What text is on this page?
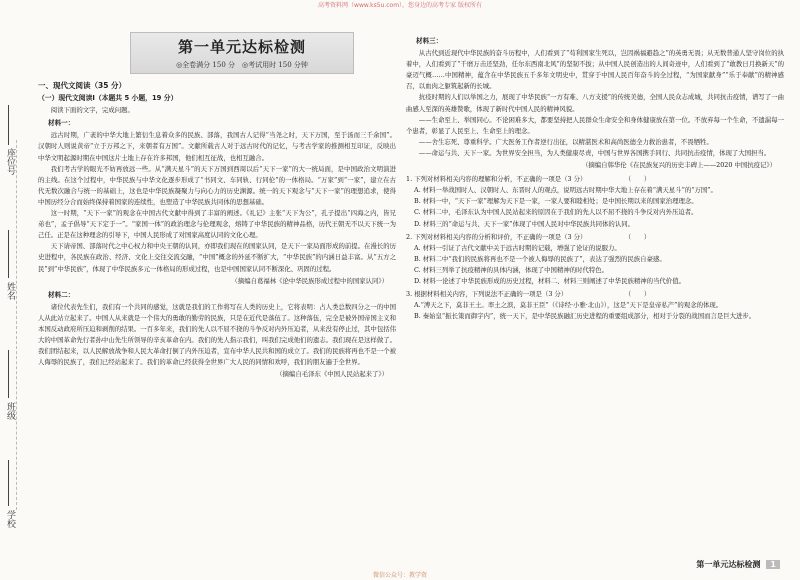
高考资料网（www.ks5u.com），您身边的高考专家 版权所有
座位号
姓名
班级
学校
第一单元达标检测
◎全卷满分 150 分　◎考试用时 150 分钟
一、现代文阅读（35 分）
（一）现代文阅读Ⅰ（本题共 5 小题，19 分）

阅读下面的文字，完成问题。

材料一：

远古时期，广袤的中华大地上繁衍生息着众多的民族、部落，我国古人记得“当尧之时，天下万国，至于汤而三千余国”。汉朝时人则说黄帝“立于万邦之下，来朝者有万国”。文献所载古人对于远古时代的记忆，与考古学家的推测相互印证，反映出中华文明起源时期在中国这片土地上存在许多邦国，他们相互征战，也相互融合。

我们考古学的眼光不妨再放远一些。从“满天星斗”的天下万国到西周以后“天下一家”的大一统局面，是中国政治文明演进的主线。在这个过程中，中华民族与中华文化逐步形成了“书同文、车同轨、行同伦”的一体格局。“万家”到“一家”，建立在古代无数次融合与统一的基础上，这也是中华民族凝聚力与向心力的历史渊源。统一的天下观念与“天下一家”的理想追求，使得中国历经分合而始终保持着国家的连续性，也塑造了中华民族共同体的思想基础。

这一时期，“天下一家”的观念在中国古代文献中得到了丰富的阐述。《礼记》主张“天下为公”，孔子提出“四海之内，皆兄弟也”，孟子倡导“天下定于一”。“家国一体”的政治理念与伦理观念，熔铸了中华民族的精神品格，历代王朝无不以天下统一为己任。正是在这种理念的引导下，中国人民形成了对国家高度认同的文化心理。

天下请帝国、部落时代之中心权力和中央王朝的认同，亦即我们现在的国家认同，是天下一家局面形成的前提。在漫长的历史进程中，各民族在政治、经济、文化上交往交流交融，“中国”概念的外延不断扩大，“中华民族”的内涵日益丰富。从“五方之民”到“中华民族”，体现了中华民族多元一体格局的形成过程，也是中国国家认同不断深化、巩固的过程。

（摘编自葛福林《论中华民族形成过程中的国家认同》）
材料二：

诸位代表先生们，我们有一个共同的感觉，这就是我们的工作将写在人类的历史上，它将表明：占人类总数四分之一的中国人从此站立起来了。中国人从来就是一个伟大的勇敢的勤劳的民族，只是在近代是落伍了。这种落伍，完全是被外国帝国主义和本国反动政府所压迫和剥削的结果。一百多年来，我们的先人以不屈不挠的斗争反对内外压迫者，从来没有停止过，其中包括伟大的中国革命先行者孙中山先生所领导的辛亥革命在内。我们的先人指示我们，叫我们完成他们的遗志。我们现在是这样做了。我们团结起来，以人民解放战争和人民大革命打倒了内外压迫者，宣布中华人民共和国的成立了。我们的民族将再也不是一个被人侮辱的民族了，我们已经站起来了。我们的革命已经获得全世界广大人民的同情和欢呼，我们的朋友遍于全世界。

（摘编自毛泽东《中国人民站起来了》）
材料三：

从古代到近现代中华民族的奋斗历程中，人们看到了“苟利国家生死以，岂因祸福避趋之”的英勇无畏；从无数普通人坚守岗位的执着中，人们看到了“千磨万击还坚劲，任尔东西南北风”的坚韧不拔；从中国人民创造出的人间奇迹中，人们看到了“敢教日月换新天”的豪迈气概……中国精神，蕴含在中华民族五千多年文明史中，贯穿于中国人民百年奋斗的全过程，“为国家献身”“乐于奉献”的精神感召，以血肉之躯筑起新的长城。

抗疫时期的人们以举国之力，展现了中华民族“一方有难、八方支援”的传统美德，全国人民众志成城，共同抗击疫情，谱写了一曲曲感人至深的英雄赞歌，体现了新时代中国人民的精神风貌。

——生命至上、举国同心。不论困难多大，都要坚持把人民群众生命安全和身体健康放在第一位。不放弃每一个生命，不遗漏每一个患者，彰显了人民至上、生命至上的理念。

——舍生忘死、尊重科学。广大医务工作者逆行出征，以精湛医术和高尚医德全力救治患者，不畏牺牲。

——命运与共、天下一家。为世界安全担当，为人类健康尽责，中国与世界各国携手同行、共同抗击疫情，体现了大国担当。

（摘编自韩华伦《在民族复兴的历史丰碑上——2020 中国抗疫记》）

1. 下列对材料相关内容的理解和分析，不正确的一项是（3 分）　　　　　　　（　　）

A. 材料一举战国时人、汉朝时人、东晋时人的观点，说明远古时期中华大地上存在着“满天星斗”的“万国”。

B. 材料一中，“天下一家”理解为天下是一家，一家人要和睦相处；是中国长期以来的国家治理理念。

C. 材料二中，毛泽东认为中国人民站起来的原因在于我们的先人以不屈不挠的斗争反对内外压迫者。

D. 材料三的“命运与共、天下一家”体现了中国人民对中华民族共同体的认同。

2. 下列对材料相关内容的分析和评价，不正确的一项是（3 分）　　　　　　　（　　）

A. 材料一引证了古代文献中关于远古时期的记载，增强了论证的说服力。

B. 材料二中“我们的民族将再也不是一个被人侮辱的民族了”，表达了强烈的民族自豪感。

C. 材料三列举了抗疫精神的具体内涵，体现了中国精神的时代特色。

D. 材料一论述了中华民族形成的历史过程，材料二、材料三则阐述了中华民族精神的当代价值。

3. 根据材料相关内容，下列说法不正确的一项是（3 分）　　　　　　　　　　（　　）

A.“溥天之下，莫非王土。率土之滨，莫非王臣”（《诗经·小雅·北山》），这是“天下是皇帝私产”的观念的体现。

B. 秦始皇“振长策而御宇内”，统一天下，是中华民族融汇历史进程的重要组成部分，相对于分裂的战国而言是巨大进步。

第一单元达标检测	1
微信公众号：教学资
